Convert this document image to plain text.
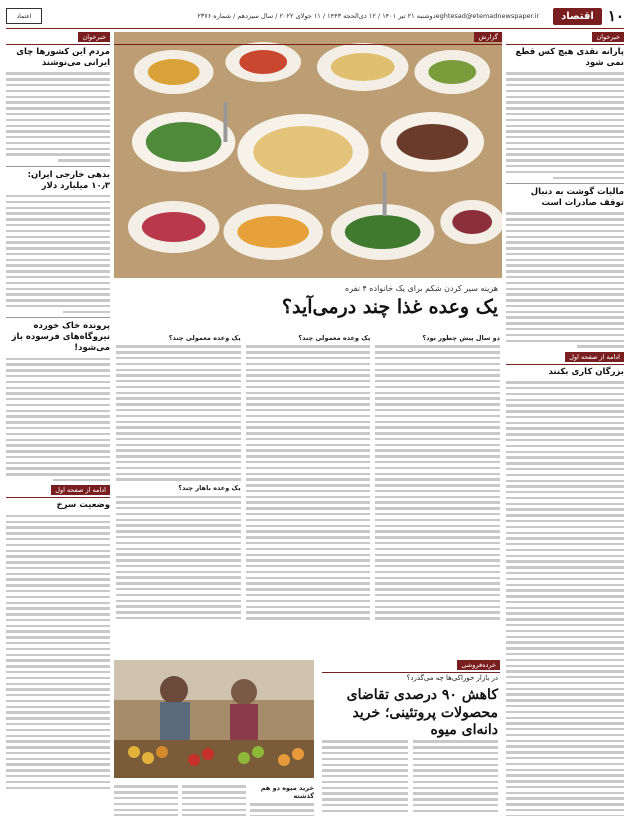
۱۰
اقتصاد
eghtesad@etemadnewspaper.ir
دوشنبه ۲۱ تیر ۱۴۰۱ / ۱۲ ذی‌الحجه ۱۴۴۳ / ۱۱ جولای ۲۰۲۲ / سال سیزدهم / شماره ۲۳۷۶
اعتماد
خبرخوان
پارانه نقدی هیچ کس قطع نمی شود
مالیات گوشت به دنبال توقف صادرات است
ادامه از صفحه اول
بزرگان کاری بکنند
خبرخوان
مردم این کشورها چای ایرانی می‌نوشند
بدهی خارجی ایران: ۱۰٫۳ میلیارد دلار
پرونده خاک خورده نیروگاه‌های فرسوده باز می‌شود!
ادامه از صفحه اول
وضعیت سرخ
گزارش
هزینه سیر کردن شکم برای یک خانواده ۴ نفره
یک وعده غذا چند درمی‌آید؟
دو سال پیش چطور بود؟
یک وعده معمولی چند؟
یک وعده معمولی چند؟
یک وعده باهار چند؟
خرده‌فروشی
در بازار خوراکی‌ها چه می‌گذرد؟
کاهش ۹۰ درصدی تقاضای محصولات پروتئینی؛ خرید دانه‌ای میوه
خرید میوه دو هم گذشته
